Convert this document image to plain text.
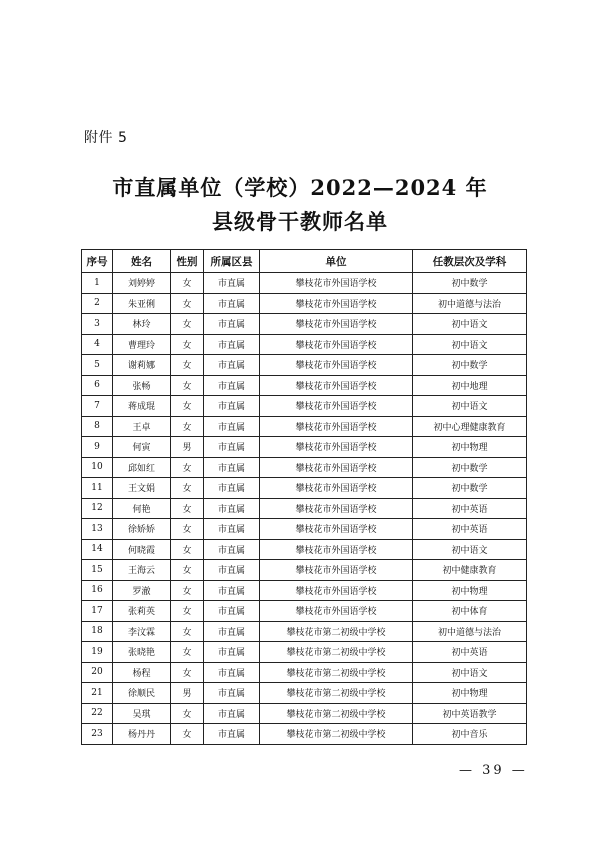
附件 5
市直属单位（学校）2022—2024 年
县级骨干教师名单
序号	姓名	性别	所属区县	单位	任教层次及学科
1	刘婷婷	女	市直属	攀枝花市外国语学校	初中数学
2	朱亚俐	女	市直属	攀枝花市外国语学校	初中道德与法治
3	林玲	女	市直属	攀枝花市外国语学校	初中语文
4	曹理玲	女	市直属	攀枝花市外国语学校	初中语文
5	谢莉娜	女	市直属	攀枝花市外国语学校	初中数学
6	张畅	女	市直属	攀枝花市外国语学校	初中地理
7	蒋成琨	女	市直属	攀枝花市外国语学校	初中语文
8	王卓	女	市直属	攀枝花市外国语学校	初中心理健康教育
9	何寅	男	市直属	攀枝花市外国语学校	初中物理
10	邱如红	女	市直属	攀枝花市外国语学校	初中数学
11	王文娟	女	市直属	攀枝花市外国语学校	初中数学
12	何艳	女	市直属	攀枝花市外国语学校	初中英语
13	徐娇娇	女	市直属	攀枝花市外国语学校	初中英语
14	何晓霞	女	市直属	攀枝花市外国语学校	初中语文
15	王海云	女	市直属	攀枝花市外国语学校	初中健康教育
16	罗澈	女	市直属	攀枝花市外国语学校	初中物理
17	张莉英	女	市直属	攀枝花市外国语学校	初中体育
18	李汶霖	女	市直属	攀枝花市第二初级中学校	初中道德与法治
19	张晓艳	女	市直属	攀枝花市第二初级中学校	初中英语
20	杨程	女	市直属	攀枝花市第二初级中学校	初中语文
21	徐顺民	男	市直属	攀枝花市第二初级中学校	初中物理
22	吴琪	女	市直属	攀枝花市第二初级中学校	初中英语教学
23	杨丹丹	女	市直属	攀枝花市第二初级中学校	初中音乐
— 39 —
